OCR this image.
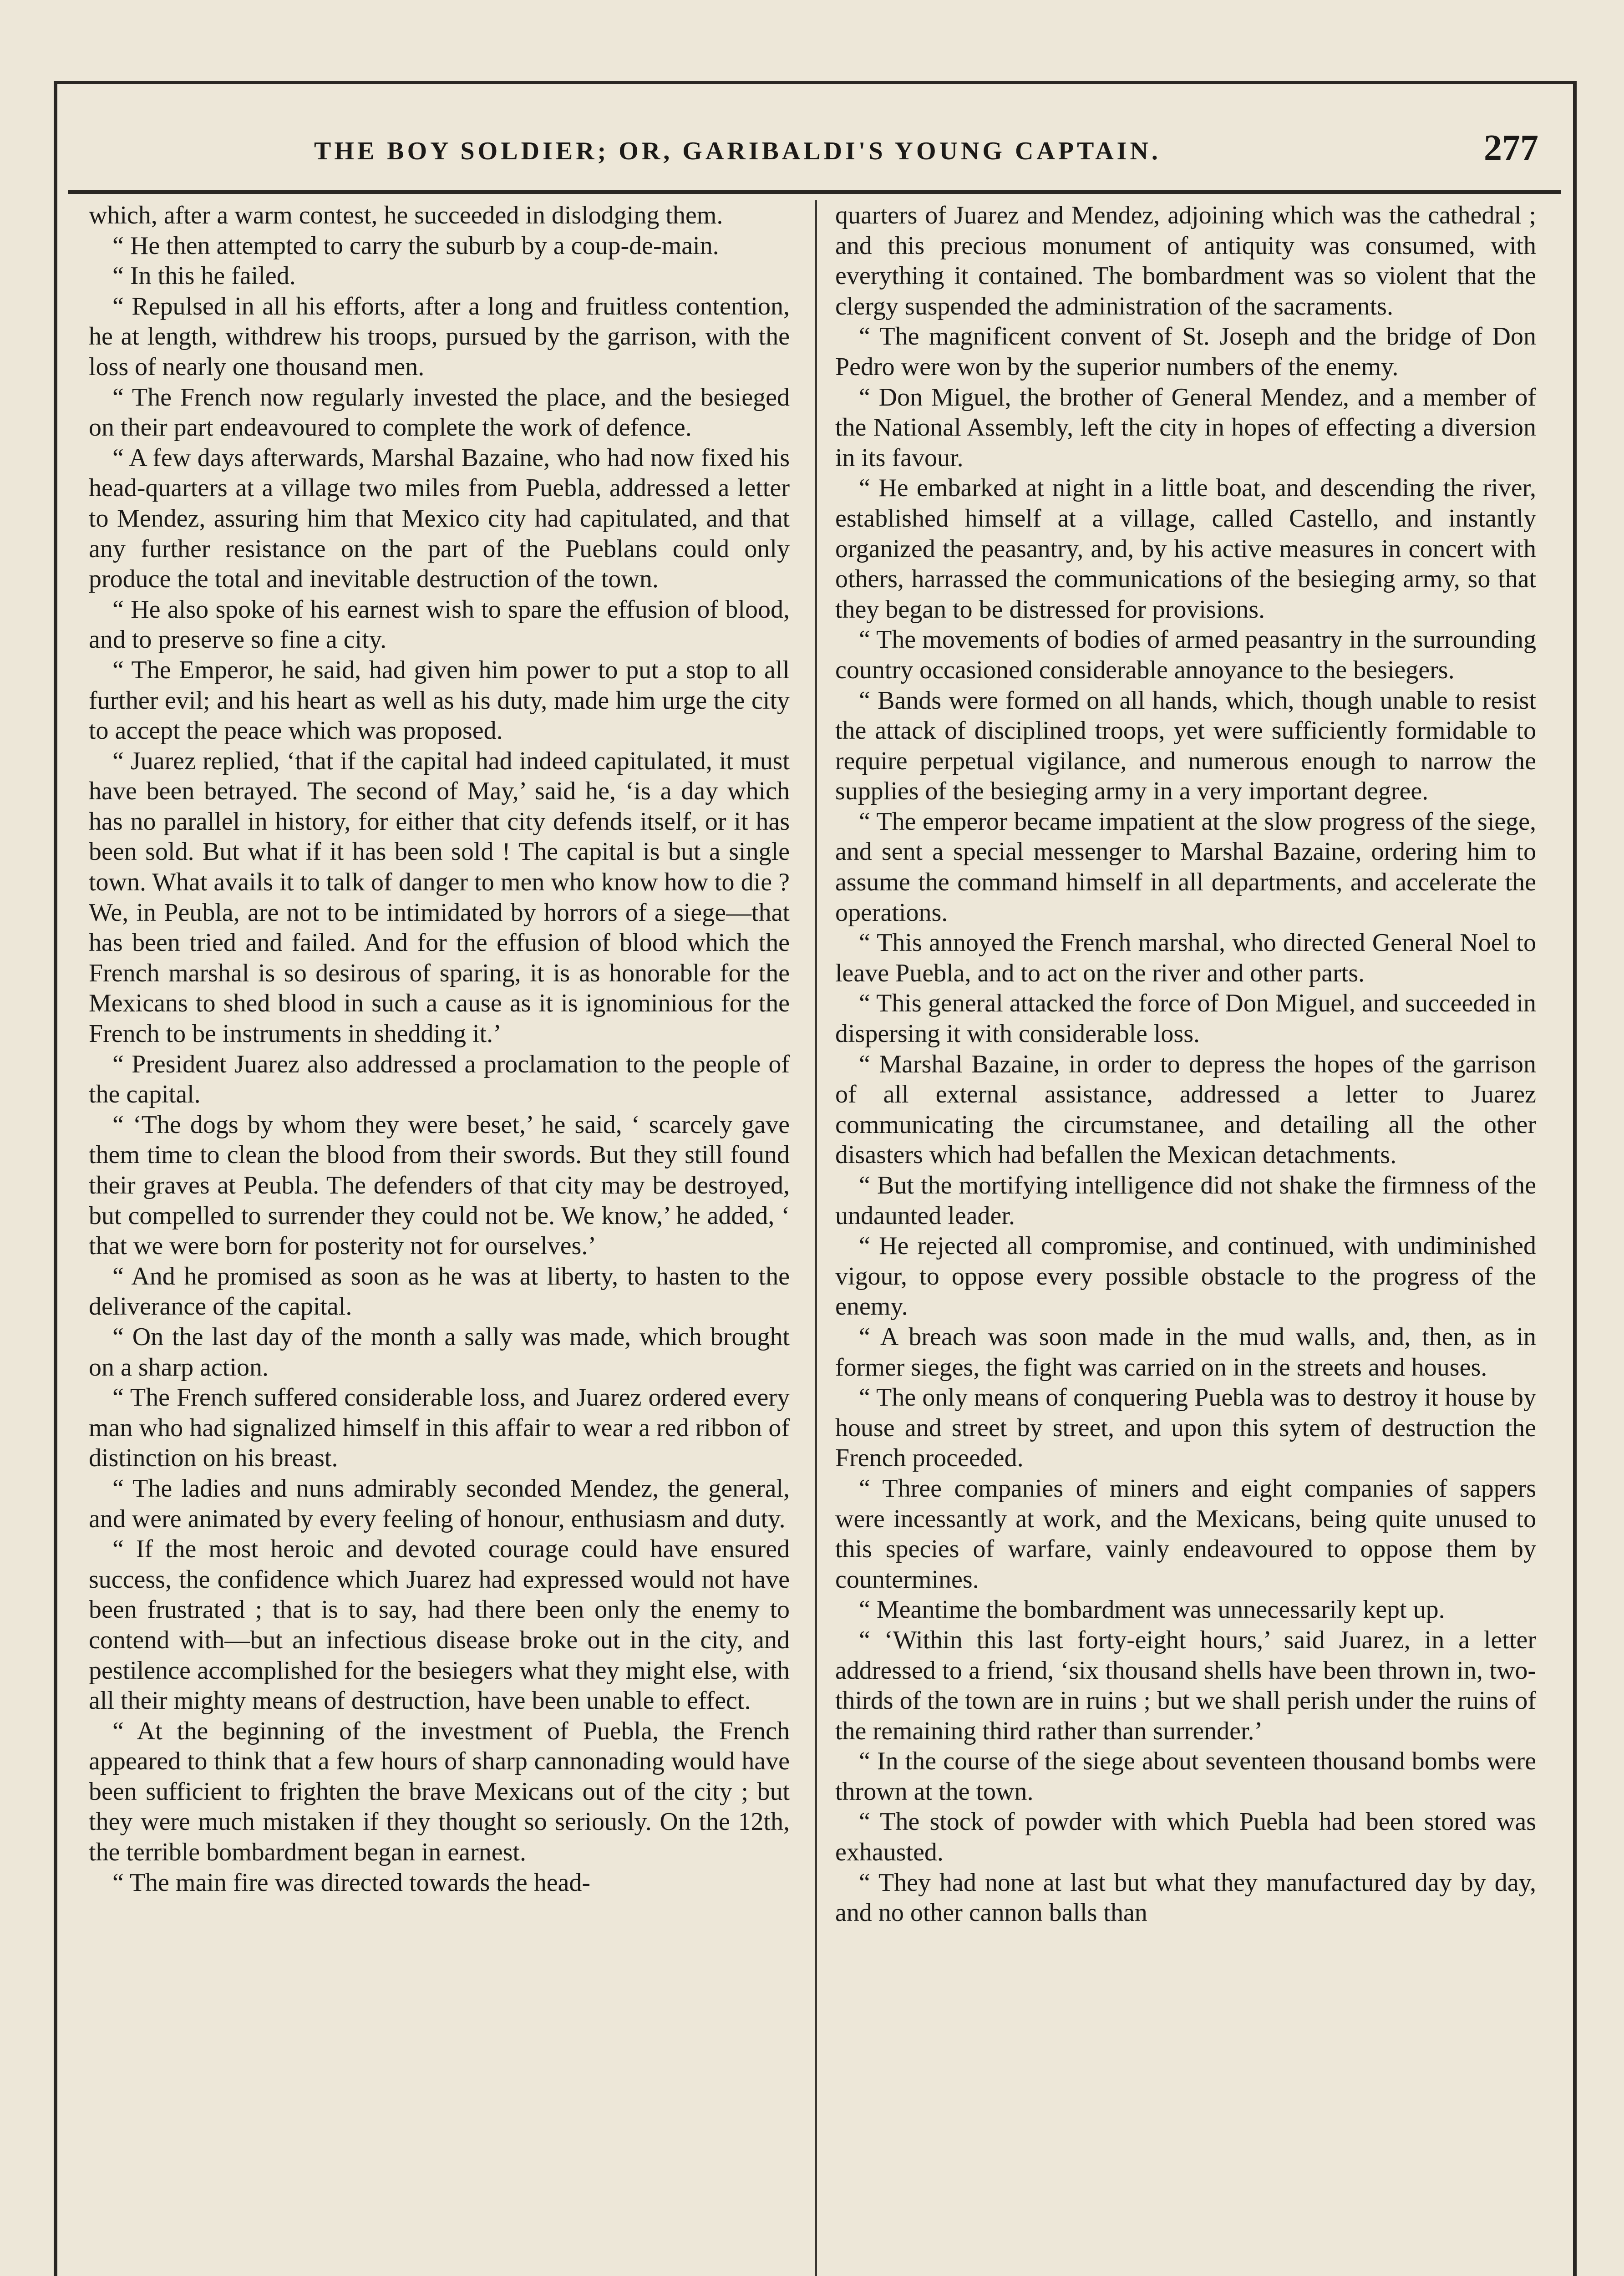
THE BOY SOLDIER; OR, GARIBALDI'S YOUNG CAPTAIN.	277

which, after a warm contest, he succeeded in dislodging them.

“ He then attempted to carry the suburb by a coup-de-main.

“ In this he failed.

“ Repulsed in all his efforts, after a long and fruitless contention, he at length, withdrew his troops, pursued by the garrison, with the loss of nearly one thousand men.

“ The French now regularly invested the place, and the besieged on their part endeavoured to complete the work of defence.

“ A few days afterwards, Marshal Bazaine, who had now fixed his head-quarters at a village two miles from Puebla, addressed a letter to Mendez, assuring him that Mexico city had capitulated, and that any further resistance on the part of the Pueblans could only produce the total and inevitable destruction of the town.

“ He also spoke of his earnest wish to spare the effusion of blood, and to preserve so fine a city.

“ The Emperor, he said, had given him power to put a stop to all further evil; and his heart as well as his duty, made him urge the city to accept the peace which was proposed.

“ Juarez replied, ‘that if the capital had indeed capitulated, it must have been betrayed. The second of May,’ said he, ‘is a day which has no parallel in history, for either that city defends itself, or it has been sold. But what if it has been sold ! The capital is but a single town. What avails it to talk of danger to men who know how to die ? We, in Peubla, are not to be intimidated by horrors of a siege—that has been tried and failed. And for the effusion of blood which the French marshal is so desirous of sparing, it is as honorable for the Mexicans to shed blood in such a cause as it is ignominious for the French to be instruments in shedding it.’

“ President Juarez also addressed a proclamation to the people of the capital.

“ ‘The dogs by whom they were beset,’ he said, ‘ scarcely gave them time to clean the blood from their swords. But they still found their graves at Peubla. The defenders of that city may be destroyed, but compelled to surrender they could not be. We know,’ he added, ‘ that we were born for posterity not for ourselves.’

“ And he promised as soon as he was at liberty, to hasten to the deliverance of the capital.

“ On the last day of the month a sally was made, which brought on a sharp action.

“ The French suffered considerable loss, and Juarez ordered every man who had signalized himself in this affair to wear a red ribbon of distinction on his breast.

“ The ladies and nuns admirably seconded Mendez, the general, and were animated by every feeling of honour, enthusiasm and duty.

“ If the most heroic and devoted courage could have ensured success, the confidence which Juarez had expressed would not have been frustrated ; that is to say, had there been only the enemy to contend with—but an infectious disease broke out in the city, and pestilence accomplished for the besiegers what they might else, with all their mighty means of destruction, have been unable to effect.

“ At the beginning of the investment of Puebla, the French appeared to think that a few hours of sharp cannonading would have been sufficient to frighten the brave Mexicans out of the city ; but they were much mistaken if they thought so seriously. On the 12th, the terrible bombardment began in earnest.

“ The main fire was directed towards the head-

quarters of Juarez and Mendez, adjoining which was the cathedral ; and this precious monument of antiquity was consumed, with everything it contained. The bombardment was so violent that the clergy suspended the administration of the sacraments.

“ The magnificent convent of St. Joseph and the bridge of Don Pedro were won by the superior numbers of the enemy.

“ Don Miguel, the brother of General Mendez, and a member of the National Assembly, left the city in hopes of effecting a diversion in its favour.

“ He embarked at night in a little boat, and descending the river, established himself at a village, called Castello, and instantly organized the peasantry, and, by his active measures in concert with others, harrassed the communications of the besieging army, so that they began to be distressed for provisions.

“ The movements of bodies of armed peasantry in the surrounding country occasioned considerable annoyance to the besiegers.

“ Bands were formed on all hands, which, though unable to resist the attack of disciplined troops, yet were sufficiently formidable to require perpetual vigilance, and numerous enough to narrow the supplies of the besieging army in a very important degree.

“ The emperor became impatient at the slow progress of the siege, and sent a special messenger to Marshal Bazaine, ordering him to assume the command himself in all departments, and accelerate the operations.

“ This annoyed the French marshal, who directed General Noel to leave Puebla, and to act on the river and other parts.

“ This general attacked the force of Don Miguel, and succeeded in dispersing it with considerable loss.

“ Marshal Bazaine, in order to depress the hopes of the garrison of all external assistance, addressed a letter to Juarez communicating the circumstanee, and detailing all the other disasters which had befallen the Mexican detachments.

“ But the mortifying intelligence did not shake the firmness of the undaunted leader.

“ He rejected all compromise, and continued, with undiminished vigour, to oppose every possible obstacle to the progress of the enemy.

“ A breach was soon made in the mud walls, and, then, as in former sieges, the fight was carried on in the streets and houses.

“ The only means of conquering Puebla was to destroy it house by house and street by street, and upon this sytem of destruction the French proceeded.

“ Three companies of miners and eight companies of sappers were incessantly at work, and the Mexicans, being quite unused to this species of warfare, vainly endeavoured to oppose them by countermines.

“ Meantime the bombardment was unnecessarily kept up.

“ ‘Within this last forty-eight hours,’ said Juarez, in a letter addressed to a friend, ‘six thousand shells have been thrown in, two-thirds of the town are in ruins ; but we shall perish under the ruins of the remaining third rather than surrender.’

“ In the course of the siege about seventeen thousand bombs were thrown at the town.

“ The stock of powder with which Puebla had been stored was exhausted.

“ They had none at last but what they manufactured day by day, and no other cannon balls than
